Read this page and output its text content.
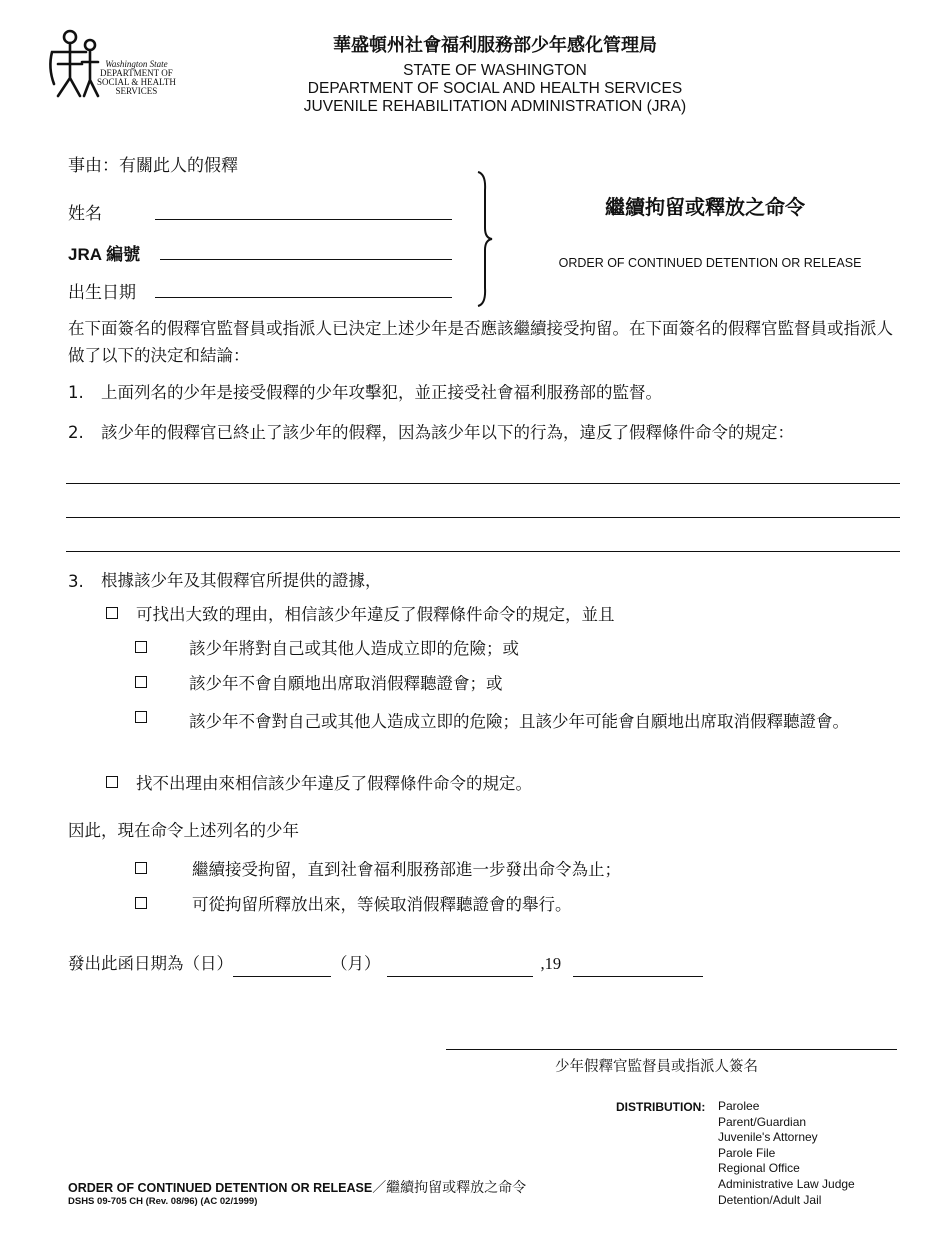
Washington State
DEPARTMENT OF
SOCIAL & HEALTH
SERVICES
華盛頓州社會福利服務部少年感化管理局
STATE OF WASHINGTON
DEPARTMENT OF SOCIAL AND HEALTH SERVICES
JUVENILE REHABILITATION ADMINISTRATION (JRA)
事由：有關此人的假釋
姓名
JRA 編號
出生日期
繼續拘留或釋放之命令
ORDER OF CONTINUED DETENTION OR RELEASE
在下面簽名的假釋官監督員或指派人已決定上述少年是否應該繼續接受拘留。在下面簽名的假釋官監督員或指派人做了以下的決定和結論：
1. 上面列名的少年是接受假釋的少年攻擊犯，並正接受社會福利服務部的監督。
2. 該少年的假釋官已終止了該少年的假釋，因為該少年以下的行為，違反了假釋條件命令的規定：
3. 根據該少年及其假釋官所提供的證據，
可找出大致的理由，相信該少年違反了假釋條件命令的規定，並且
該少年將對自己或其他人造成立即的危險；或
該少年不會自願地出席取消假釋聽證會；或
該少年不會對自己或其他人造成立即的危險；且該少年可能會自願地出席取消假釋聽證會。
找不出理由來相信該少年違反了假釋條件命令的規定。
因此，現在命令上述列名的少年
繼續接受拘留，直到社會福利服務部進一步發出命令為止；
可從拘留所釋放出來，等候取消假釋聽證會的舉行。
發出此函日期為（日）	（月）	,19
少年假釋官監督員或指派人簽名
DISTRIBUTION: Parolee
Parent/Guardian
Juvenile's Attorney
Parole File
Regional Office
Administrative Law Judge
Detention/Adult Jail
ORDER OF CONTINUED DETENTION OR RELEASE／繼續拘留或釋放之命令
DSHS 09-705 CH (Rev. 08/96) (AC 02/1999)
